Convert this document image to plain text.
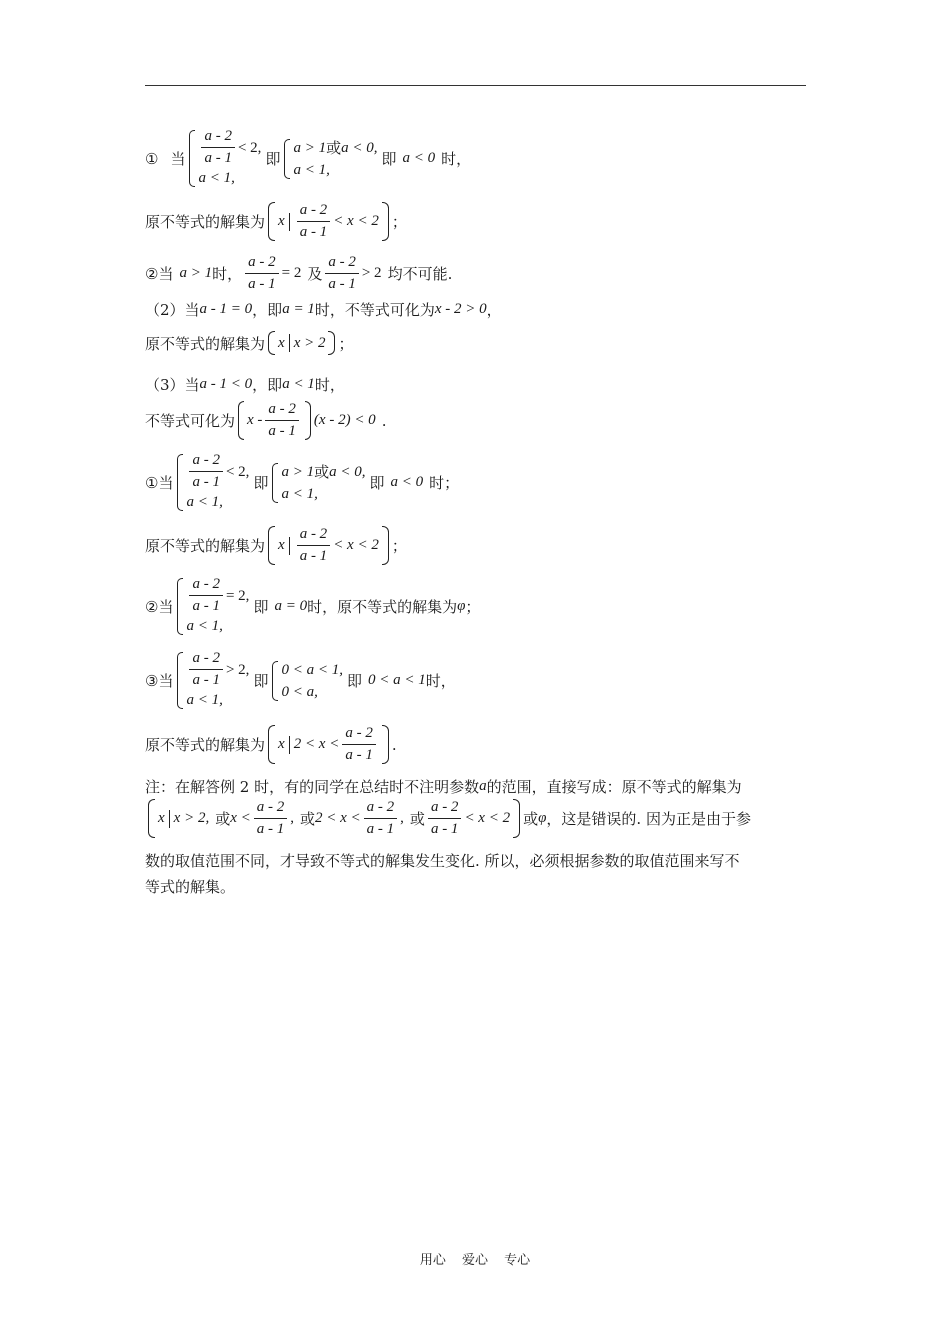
① 当 $\frac{a - 2}{a - 1} < 2$,
a < 1,
即
a > 1 或 a < 0,
a < 1,
即 a < 0 时，
原不等式的解集为 x $\frac{a - 2}{a - 1} < x < 2$ ；
② 当 a > 1 时， $\frac{a - 2}{a - 1} = 2$ 及 $\frac{a - 2}{a - 1} > 2$ 均不可能.
（2）当 a - 1 = 0 ，即 a = 1 时，不等式可化为 x - 2 > 0 ，
原不等式的解集为 x x > 2 ；
（3）当 a - 1 < 0 ，即 a < 1 时，
不等式可化为 $x - \frac{a - 2}{a - 1} (x - 2) < 0$ .
① 当 $\frac{a - 2}{a - 1} < 2$,
a < 1,
即
a > 1 或 a < 0,
a < 1,
即 a < 0 时；
原不等式的解集为 x $\frac{a - 2}{a - 1} < x < 2$ ；
② 当 $\frac{a - 2}{a - 1} = 2$,
a < 1,
即 a = 0 时，原不等式的解集为 φ ；
③ 当 $\frac{a - 2}{a - 1} > 2$,
a < 1,
即
0 < a < 1,
0 < a,
即 0 < a < 1 时，
原不等式的解集为 x $2 < x < \frac{a - 2}{a - 1}$ .
注：在解答例 2 时，有的同学在总结时不注明参数 a 的范围，直接写成：原不等式的解集为
x x > 2, 或 $x < \frac{a - 2}{a - 1}$ , 或 $2 < x < \frac{a - 2}{a - 1}$ , 或 $\frac{a - 2}{a - 1} < x < 2$ 或 φ ，这是错误的. 因为正是由于参
数的取值范围不同，才导致不等式的解集发生变化. 所以，必须根据参数的取值范围来写不
等式的解集。
用心 爱心 专心
